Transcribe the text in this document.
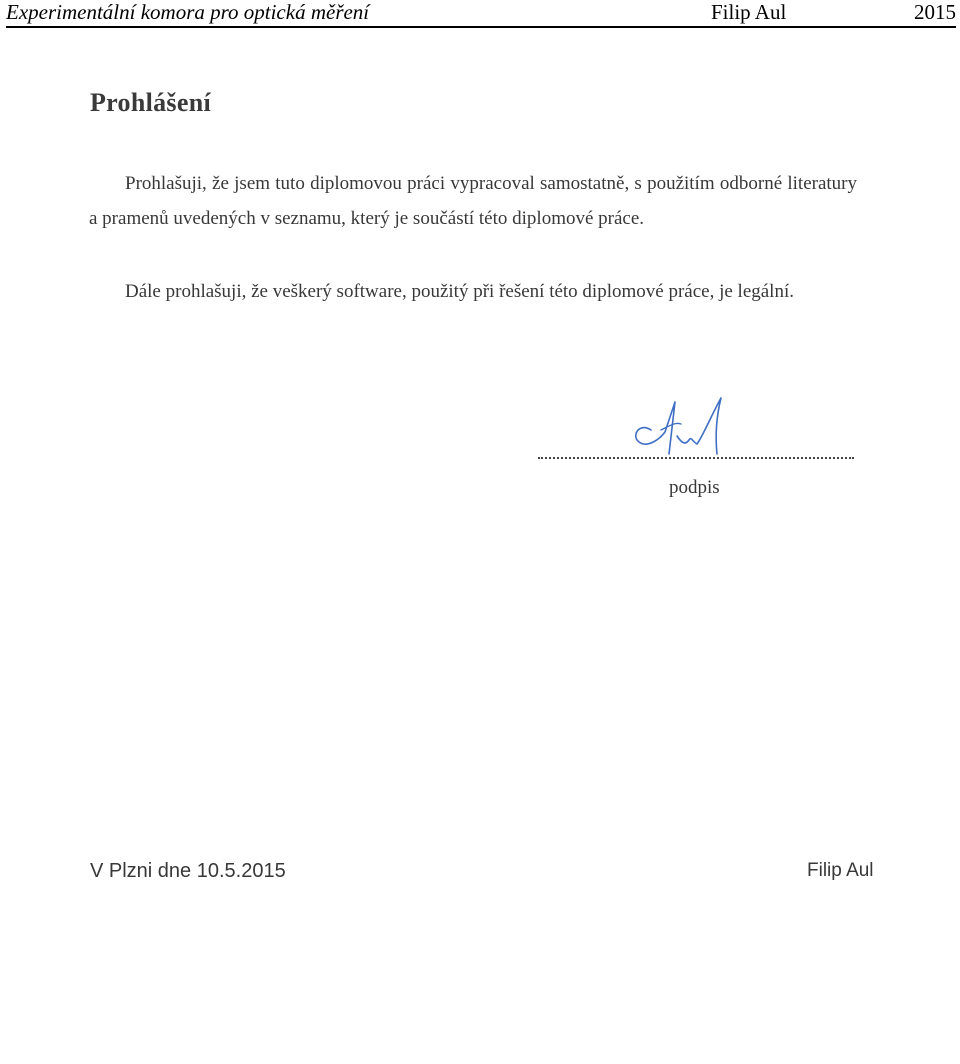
Experimentální komora pro optická měření	Filip Aul	2015
Prohlášení

Prohlašuji, že jsem tuto diplomovou práci vypracoval samostatně, s použitím odborné literatury a pramenů uvedených v seznamu, který je součástí této diplomové práce.

Dále prohlašuji, že veškerý software, použitý při řešení této diplomové práce, je legální.

podpis
V Plzni dne 10.5.2015	Filip Aul
